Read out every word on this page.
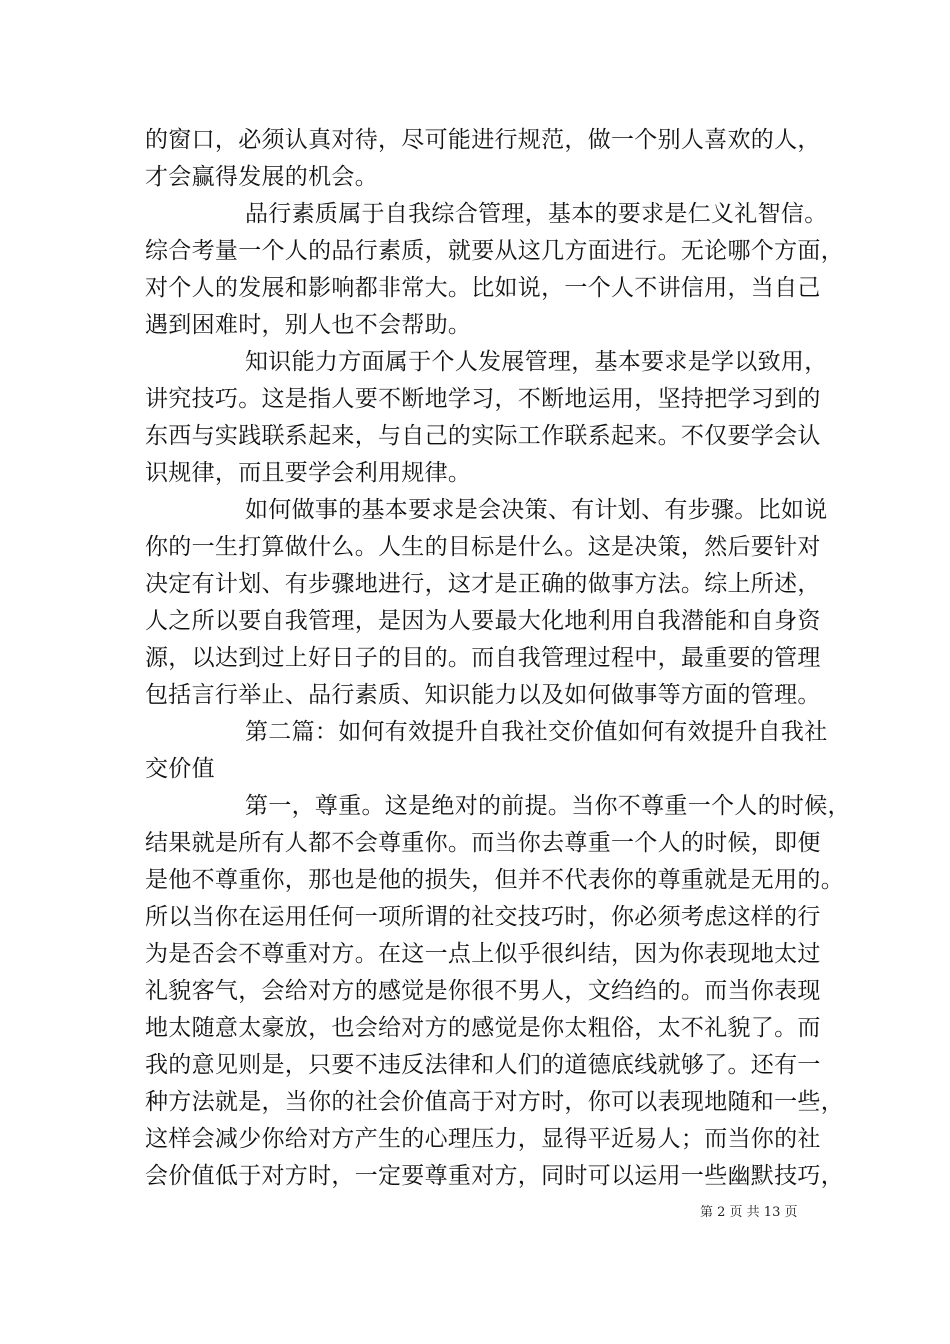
的窗口，必须认真对待，尽可能进行规范，做一个别人喜欢的人，
才会赢得发展的机会。
品行素质属于自我综合管理，基本的要求是仁义礼智信。
综合考量一个人的品行素质，就要从这几方面进行。无论哪个方面，
对个人的发展和影响都非常大。比如说，一个人不讲信用，当自己
遇到困难时，别人也不会帮助。
知识能力方面属于个人发展管理，基本要求是学以致用，
讲究技巧。这是指人要不断地学习，不断地运用，坚持把学习到的
东西与实践联系起来，与自己的实际工作联系起来。不仅要学会认
识规律，而且要学会利用规律。
如何做事的基本要求是会决策、有计划、有步骤。比如说
你的一生打算做什么。人生的目标是什么。这是决策，然后要针对
决定有计划、有步骤地进行，这才是正确的做事方法。综上所述，
人之所以要自我管理，是因为人要最大化地利用自我潜能和自身资
源，以达到过上好日子的目的。而自我管理过程中，最重要的管理
包括言行举止、品行素质、知识能力以及如何做事等方面的管理。
第二篇：如何有效提升自我社交价值如何有效提升自我社
交价值
第一，尊重。这是绝对的前提。当你不尊重一个人的时候，
结果就是所有人都不会尊重你。而当你去尊重一个人的时候，即便
是他不尊重你，那也是他的损失，但并不代表你的尊重就是无用的。
所以当你在运用任何一项所谓的社交技巧时，你必须考虑这样的行
为是否会不尊重对方。在这一点上似乎很纠结，因为你表现地太过
礼貌客气，会给对方的感觉是你很不男人，文绉绉的。而当你表现
地太随意太豪放，也会给对方的感觉是你太粗俗，太不礼貌了。而
我的意见则是，只要不违反法律和人们的道德底线就够了。还有一
种方法就是，当你的社会价值高于对方时，你可以表现地随和一些，
这样会减少你给对方产生的心理压力，显得平近易人；而当你的社
会价值低于对方时，一定要尊重对方，同时可以运用一些幽默技巧，
第 2 页 共 13 页
